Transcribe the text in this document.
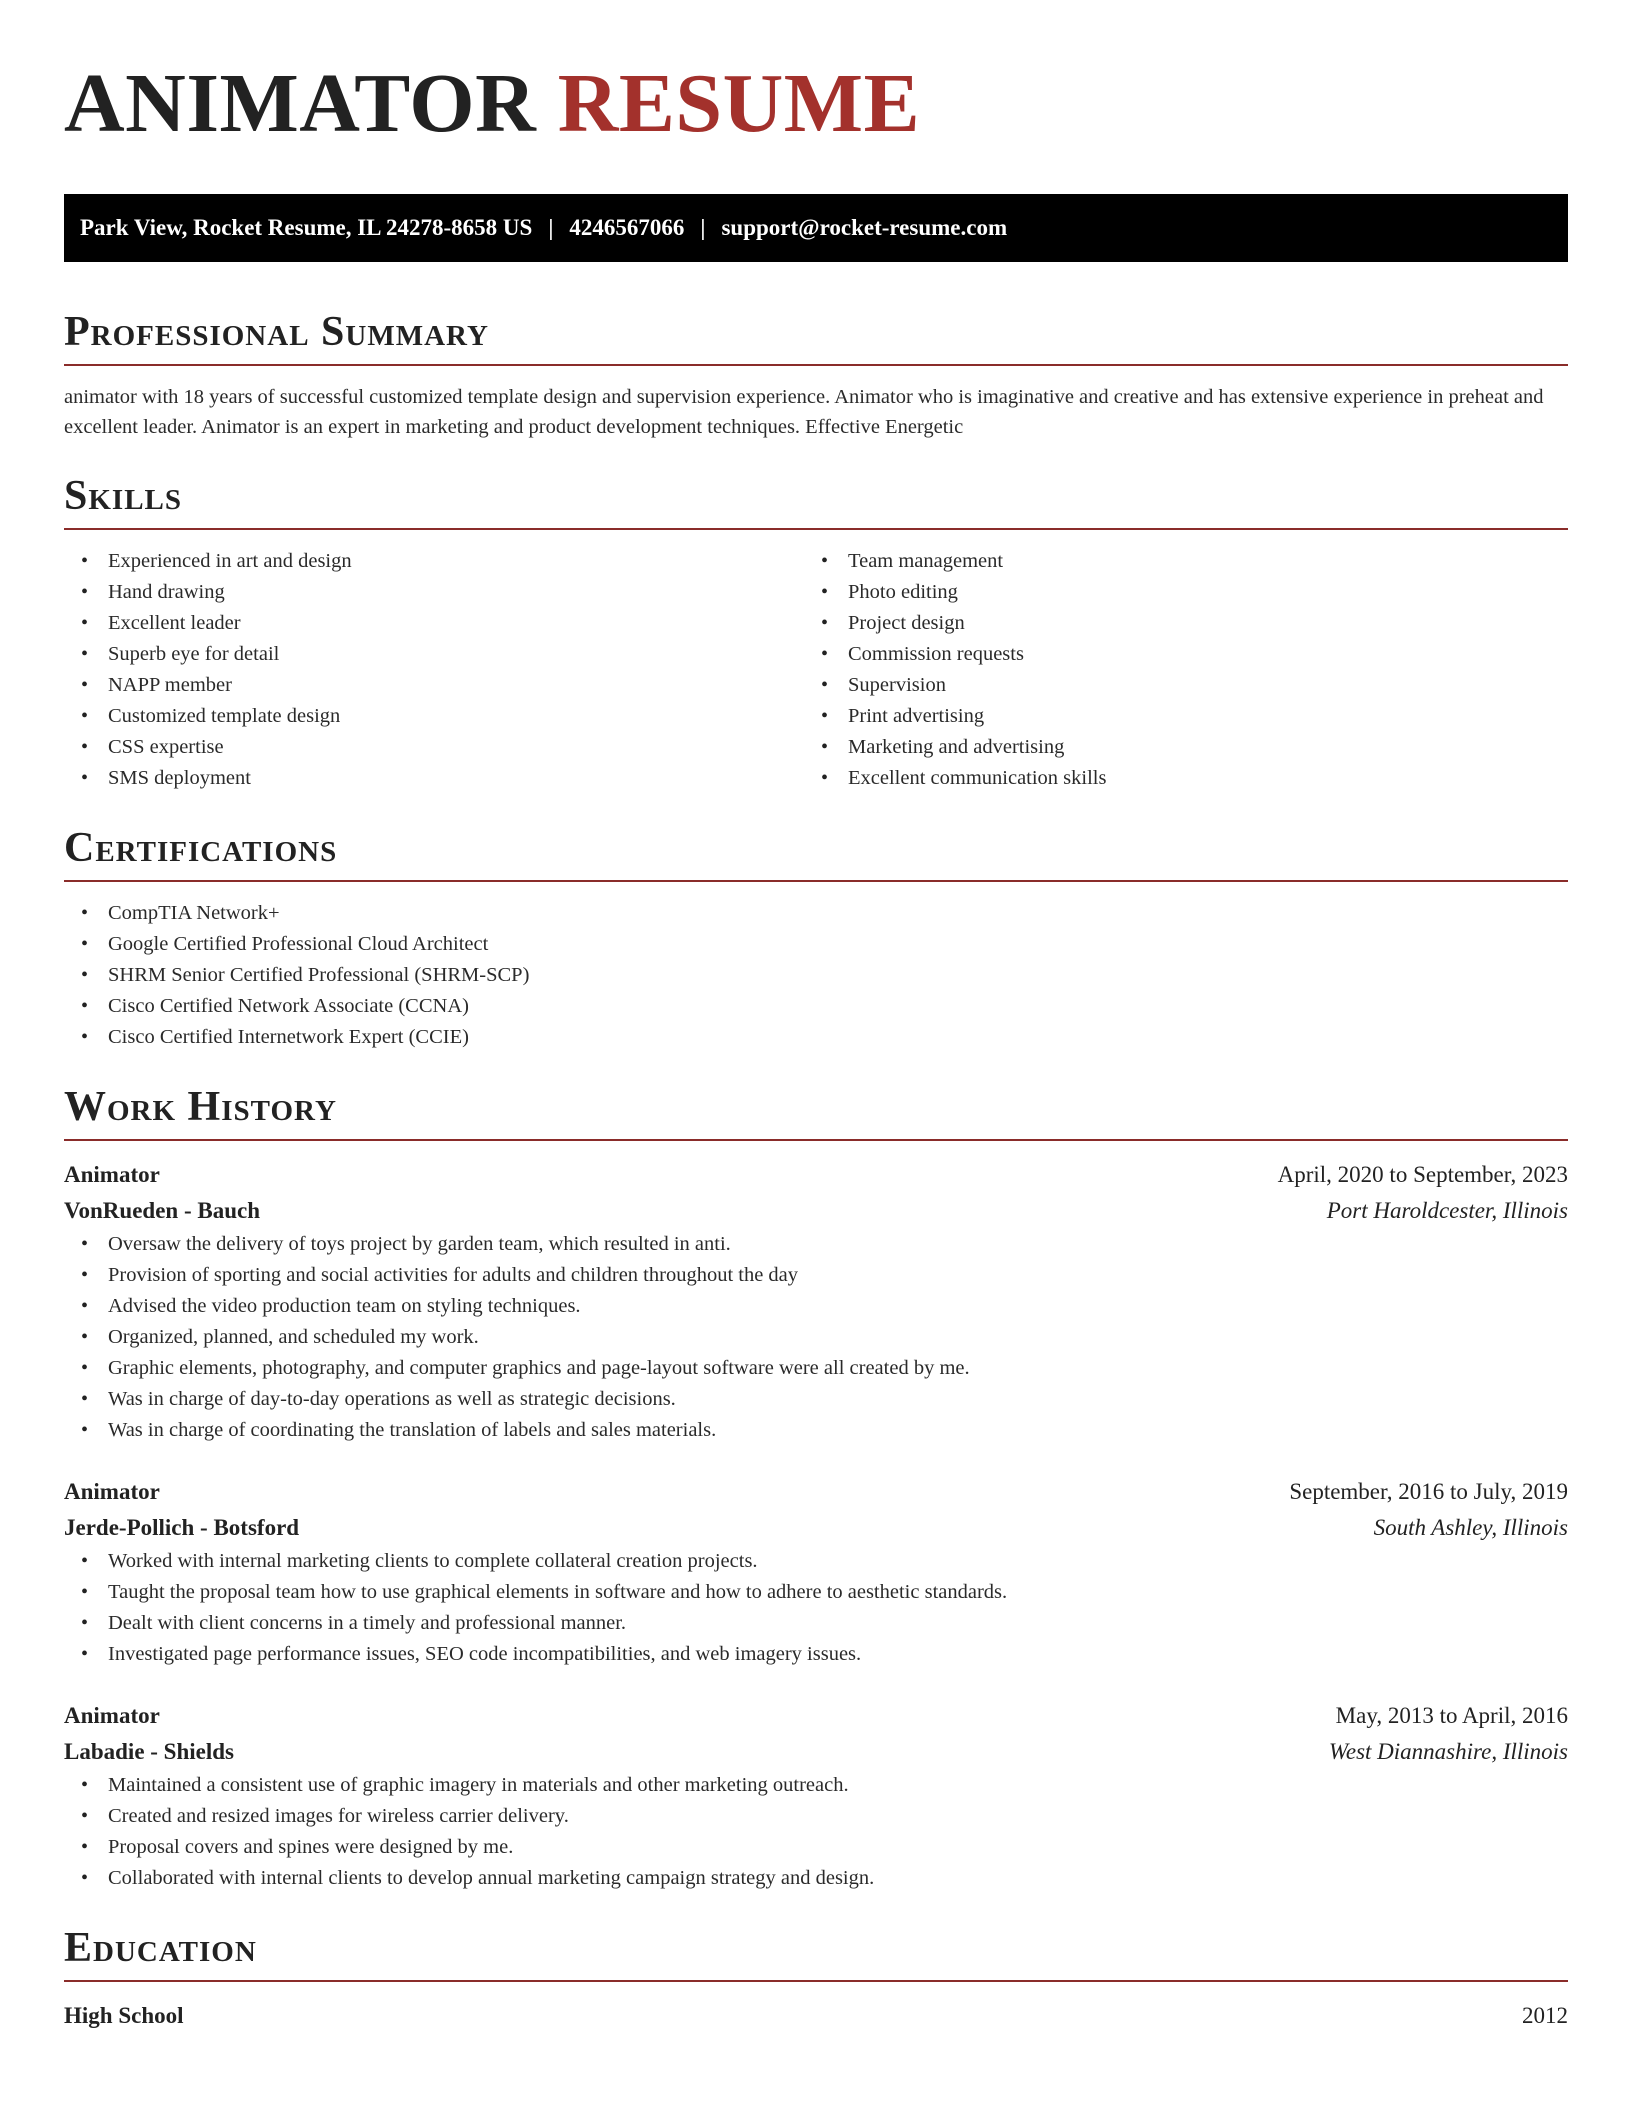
ANIMATOR RESUME
Park View, Rocket Resume, IL 24278-8658 US | 4246567066 | support@rocket-resume.com
Professional Summary

animator with 18 years of successful customized template design and supervision experience. Animator who is imaginative and creative and has extensive experience in preheat and excellent leader. Animator is an expert in marketing and product development techniques. Effective Energetic

Skills
• Experienced in art and design
• Hand drawing
• Excellent leader
• Superb eye for detail
• NAPP member
• Customized template design
• CSS expertise
• SMS deployment
• Team management
• Photo editing
• Project design
• Commission requests
• Supervision
• Print advertising
• Marketing and advertising
• Excellent communication skills
Certifications
• CompTIA Network+
• Google Certified Professional Cloud Architect
• SHRM Senior Certified Professional (SHRM-SCP)
• Cisco Certified Network Associate (CCNA)
• Cisco Certified Internetwork Expert (CCIE)
Work History
Animator	April, 2020 to September, 2023
VonRueden - Bauch	Port Haroldcester, Illinois
• Oversaw the delivery of toys project by garden team, which resulted in anti.
• Provision of sporting and social activities for adults and children throughout the day
• Advised the video production team on styling techniques.
• Organized, planned, and scheduled my work.
• Graphic elements, photography, and computer graphics and page-layout software were all created by me.
• Was in charge of day-to-day operations as well as strategic decisions.
• Was in charge of coordinating the translation of labels and sales materials.
Animator	September, 2016 to July, 2019
Jerde-Pollich - Botsford	South Ashley, Illinois
• Worked with internal marketing clients to complete collateral creation projects.
• Taught the proposal team how to use graphical elements in software and how to adhere to aesthetic standards.
• Dealt with client concerns in a timely and professional manner.
• Investigated page performance issues, SEO code incompatibilities, and web imagery issues.
Animator	May, 2013 to April, 2016
Labadie - Shields	West Diannashire, Illinois
• Maintained a consistent use of graphic imagery in materials and other marketing outreach.
• Created and resized images for wireless carrier delivery.
• Proposal covers and spines were designed by me.
• Collaborated with internal clients to develop annual marketing campaign strategy and design.
Education
High School	2012
